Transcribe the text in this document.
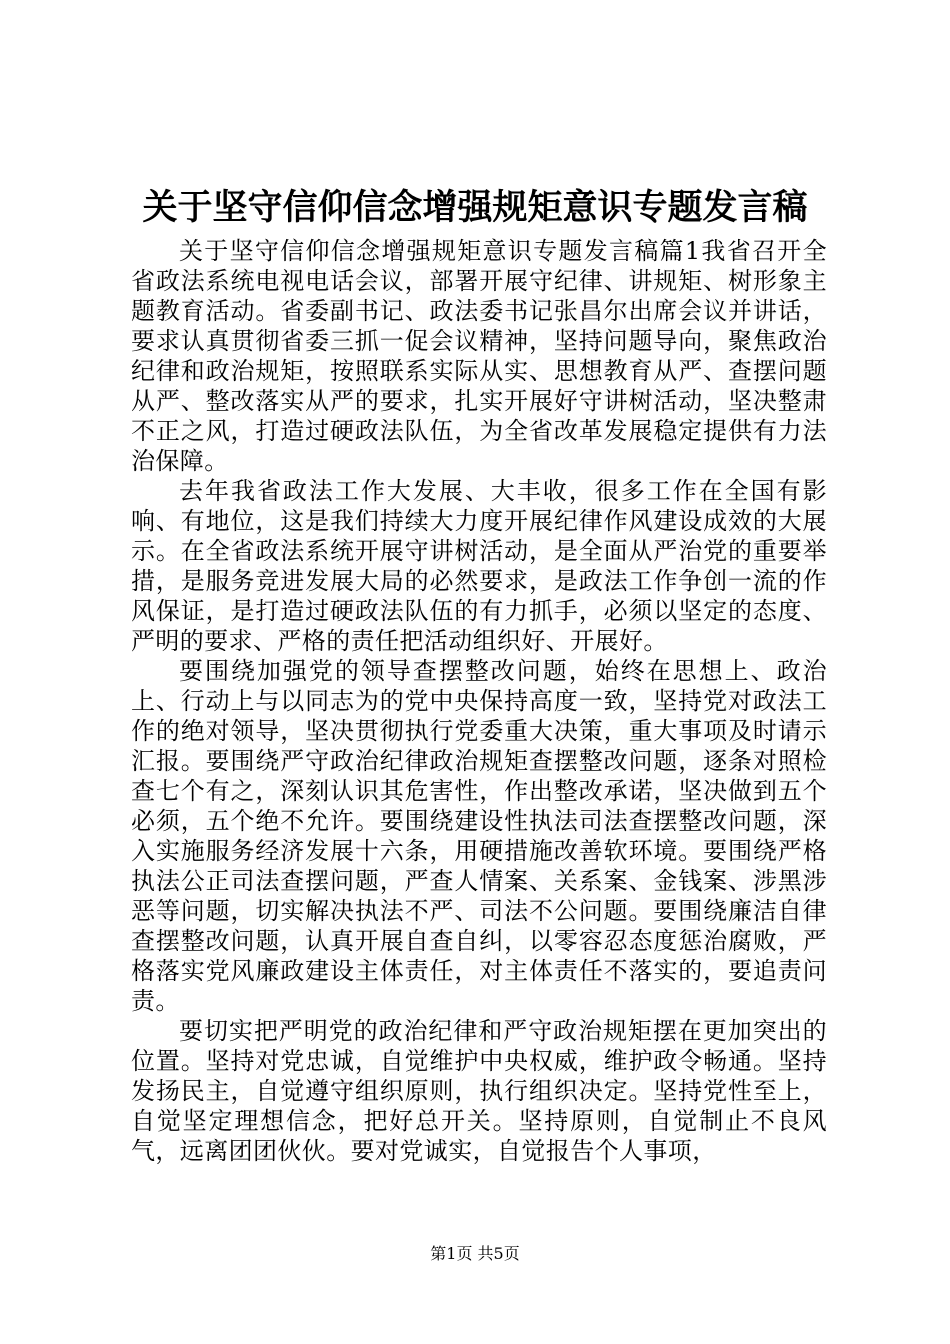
关于坚守信仰信念增强规矩意识专题发言稿

关于坚守信仰信念增强规矩意识专题发言稿篇1我省召开全省政法系统电视电话会议，部署开展守纪律、讲规矩、树形象主题教育活动。省委副书记、政法委书记张昌尔出席会议并讲话，要求认真贯彻省委三抓一促会议精神，坚持问题导向，聚焦政治纪律和政治规矩，按照联系实际从实、思想教育从严、查摆问题从严、整改落实从严的要求，扎实开展好守讲树活动，坚决整肃不正之风，打造过硬政法队伍，为全省改革发展稳定提供有力法治保障。

去年我省政法工作大发展、大丰收，很多工作在全国有影响、有地位，这是我们持续大力度开展纪律作风建设成效的大展示。在全省政法系统开展守讲树活动，是全面从严治党的重要举措，是服务竞进发展大局的必然要求，是政法工作争创一流的作风保证，是打造过硬政法队伍的有力抓手，必须以坚定的态度、严明的要求、严格的责任把活动组织好、开展好。

要围绕加强党的领导查摆整改问题，始终在思想上、政治上、行动上与以同志为的党中央保持高度一致，坚持党对政法工作的绝对领导，坚决贯彻执行党委重大决策，重大事项及时请示汇报。要围绕严守政治纪律政治规矩查摆整改问题，逐条对照检查七个有之，深刻认识其危害性，作出整改承诺，坚决做到五个必须，五个绝不允许。要围绕建设性执法司法查摆整改问题，深入实施服务经济发展十六条，用硬措施改善软环境。要围绕严格执法公正司法查摆问题，严查人情案、关系案、金钱案、涉黑涉恶等问题，切实解决执法不严、司法不公问题。要围绕廉洁自律查摆整改问题，认真开展自查自纠，以零容忍态度惩治腐败，严格落实党风廉政建设主体责任，对主体责任不落实的，要追责问责。

要切实把严明党的政治纪律和严守政治规矩摆在更加突出的位置。坚持对党忠诚，自觉维护中央权威，维护政令畅通。坚持发扬民主，自觉遵守组织原则，执行组织决定。坚持党性至上，自觉坚定理想信念，把好总开关。坚持原则，自觉制止不良风气，远离团团伙伙。要对党诚实，自觉报告个人事项，

第1页 共5页
